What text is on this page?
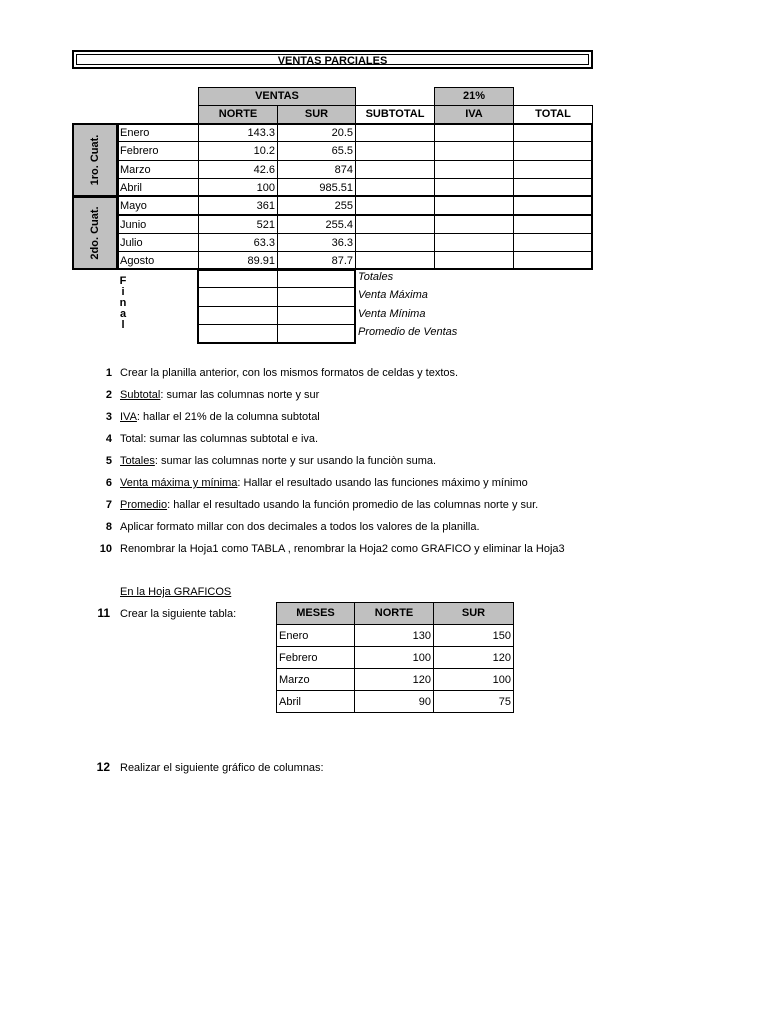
VENTAS PARCIALES
VENTAS	21%
NORTE	SUR	SUBTOTAL	IVA	TOTAL
1ro. Cuat.
2do. Cuat.
Enero	143.3	20.5
Febrero	10.2	65.5
Marzo	42.6	874
Abril	100	985.51
Mayo	361	255
Junio	521	255.4
Julio	63.3	36.3
Agosto	89.91	87.7
F
i
n
a
l
Totales
Venta Máxima
Venta Mínima
Promedio de Ventas
1 Crear la planilla anterior, con los mismos formatos de celdas y textos.
2 Subtotal: sumar las columnas norte y sur
3 IVA: hallar el 21% de la columna subtotal
4 Total: sumar las columnas subtotal e iva.
5 Totales: sumar las columnas norte y sur usando la funciòn suma.
6 Venta máxima y mínima: Hallar el resultado usando las funciones máximo y mínimo
7 Promedio: hallar el resultado usando la función promedio de las columnas norte y sur.
8 Aplicar formato millar con dos decimales a todos los valores de la planilla.
10 Renombrar la Hoja1 como TABLA , renombrar la Hoja2 como GRAFICO y eliminar la Hoja3
En la Hoja GRAFICOS
11 Crear la siguiente tabla:	MESES	NORTE	SUR
Enero	130	150
Febrero	100	120
Marzo	120	100
Abril	90	75
12 Realizar el siguiente gráfico de columnas:
